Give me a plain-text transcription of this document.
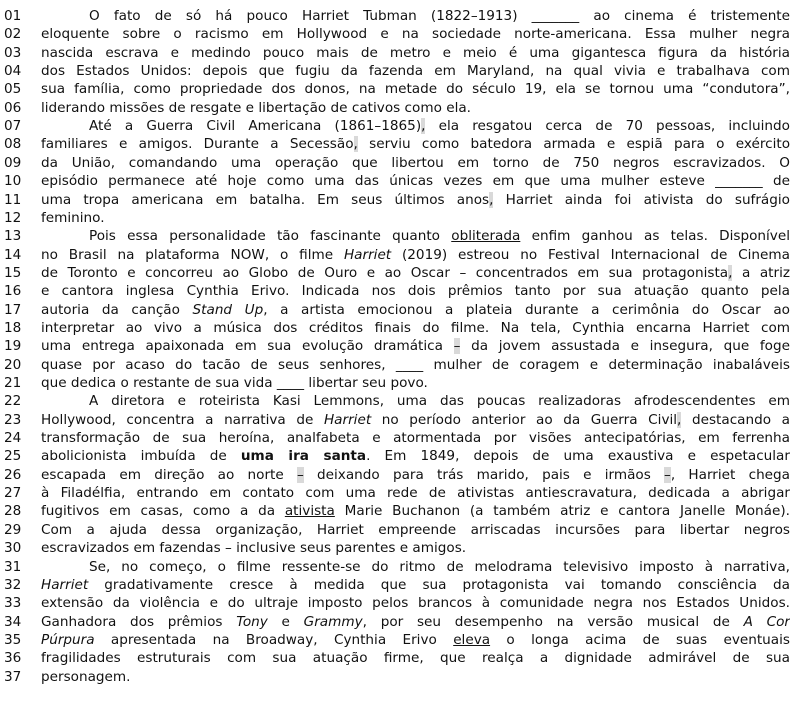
01	O fato de só há pouco Harriet Tubman (1822–1913) _______ ao cinema é tristemente
02	eloquente sobre o racismo em Hollywood e na sociedade norte-americana. Essa mulher negra
03	nascida escrava e medindo pouco mais de metro e meio é uma gigantesca figura da história
04	dos Estados Unidos: depois que fugiu da fazenda em Maryland, na qual vivia e trabalhava com
05	sua família, como propriedade dos donos, na metade do século 19, ela se tornou uma “condutora”,
06	liderando missões de resgate e libertação de cativos como ela.
07	Até a Guerra Civil Americana (1861–1865), ela resgatou cerca de 70 pessoas, incluindo
08	familiares e amigos. Durante a Secessão, serviu como batedora armada e espiã para o exército
09	da União, comandando uma operação que libertou em torno de 750 negros escravizados. O
10	episódio permanece até hoje como uma das únicas vezes em que uma mulher esteve _______ de
11	uma tropa americana em batalha. Em seus últimos anos, Harriet ainda foi ativista do sufrágio
12	feminino.
13	Pois essa personalidade tão fascinante quanto obliterada enfim ganhou as telas. Disponível
14	no Brasil na plataforma NOW, o filme Harriet (2019) estreou no Festival Internacional de Cinema
15	de Toronto e concorreu ao Globo de Ouro e ao Oscar – concentrados em sua protagonista, a atriz
16	e cantora inglesa Cynthia Erivo. Indicada nos dois prêmios tanto por sua atuação quanto pela
17	autoria da canção Stand Up, a artista emocionou a plateia durante a cerimônia do Oscar ao
18	interpretar ao vivo a música dos créditos finais do filme. Na tela, Cynthia encarna Harriet com
19	uma entrega apaixonada em sua evolução dramática – da jovem assustada e insegura, que foge
20	quase por acaso do tacão de seus senhores, ____ mulher de coragem e determinação inabaláveis
21	que dedica o restante de sua vida ____ libertar seu povo.
22	A diretora e roteirista Kasi Lemmons, uma das poucas realizadoras afrodescendentes em
23	Hollywood, concentra a narrativa de Harriet no período anterior ao da Guerra Civil, destacando a
24	transformação de sua heroína, analfabeta e atormentada por visões antecipatórias, em ferrenha
25	abolicionista imbuída de uma ira santa. Em 1849, depois de uma exaustiva e espetacular
26	escapada em direção ao norte – deixando para trás marido, pais e irmãos –, Harriet chega
27	à Filadélfia, entrando em contato com uma rede de ativistas antiescravatura, dedicada a abrigar
28	fugitivos em casas, como a da ativista Marie Buchanon (a também atriz e cantora Janelle Monáe).
29	Com a ajuda dessa organização, Harriet empreende arriscadas incursões para libertar negros
30	escravizados em fazendas – inclusive seus parentes e amigos.
31	Se, no começo, o filme ressente-se do ritmo de melodrama televisivo imposto à narrativa,
32	Harriet gradativamente cresce à medida que sua protagonista vai tomando consciência da
33	extensão da violência e do ultraje imposto pelos brancos à comunidade negra nos Estados Unidos.
34	Ganhadora dos prêmios Tony e Grammy, por seu desempenho na versão musical de A Cor
35	Púrpura apresentada na Broadway, Cynthia Erivo eleva o longa acima de suas eventuais
36	fragilidades estruturais com sua atuação firme, que realça a dignidade admirável de sua
37	personagem.
